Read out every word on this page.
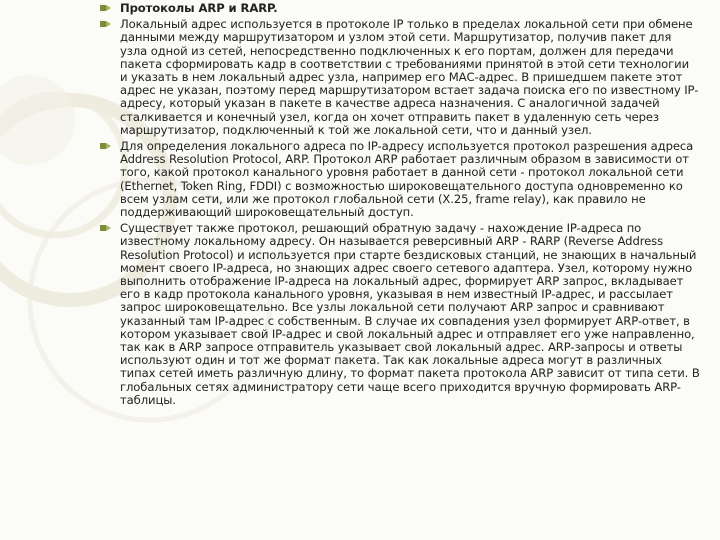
Протоколы ARP и RARP.
Локальный адрес используется в протоколе IP только в пределах локальной сети при обмене данными между маршрутизатором и узлом этой сети. Маршрутизатор, получив пакет для узла одной из сетей, непосредственно подключенных к его портам, должен для передачи пакета сформировать кадр в соответствии с требованиями принятой в этой сети технологии и указать в нем локальный адрес узла, например его МАС-адрес. В пришедшем пакете этот адрес не указан, поэтому перед маршрутизатором встает задача поиска его по известному IP-адресу, который указан в пакете в качестве адреса назначения. С аналогичной задачей сталкивается и конечный узел, когда он хочет отправить пакет в удаленную сеть через маршрутизатор, подключенный к той же локальной сети, что и данный узел.
Для определения локального адреса по IP-адресу используется протокол разрешения адреса Address Resolution Protocol, ARP. Протокол ARP работает различным образом в зависимости от того, какой протокол канального уровня работает в данной сети - протокол локальной сети (Ethernet, Token Ring, FDDI) с возможностью широковещательного доступа одновременно ко всем узлам сети, или же протокол глобальной сети (Х.25, frame relay), как правило не поддерживающий широковещательный доступ.
Существует также протокол, решающий обратную задачу - нахождение IP-адреса по известному локальному адресу. Он называется реверсивный ARP - RARP (Reverse Address Resolution Protocol) и используется при старте бездисковых станций, не знающих в начальный момент своего IP-адреса, но знающих адрес своего сетевого адаптера. Узел, которому нужно выполнить отображение IP-адреса на локальный адрес, формирует ARP запрос, вкладывает его в кадр протокола канального уровня, указывая в нем известный IP-адрес, и рассылает запрос широковещательно. Все узлы локальной сети получают ARP запрос и сравнивают указанный там IP-адрес с собственным. В случае их совпадения узел формирует ARP-ответ, в котором указывает свой IP-адрес и свой локальный адрес и отправляет его уже направленно, так как в ARP запросе отправитель указывает свой локальный адрес. ARP-запросы и ответы используют один и тот же формат пакета. Так как локальные адреса могут в различных типах сетей иметь различную длину, то формат пакета протокола ARP зависит от типа сети. В глобальных сетях администратору сети чаще всего приходится вручную формировать ARP-таблицы.
